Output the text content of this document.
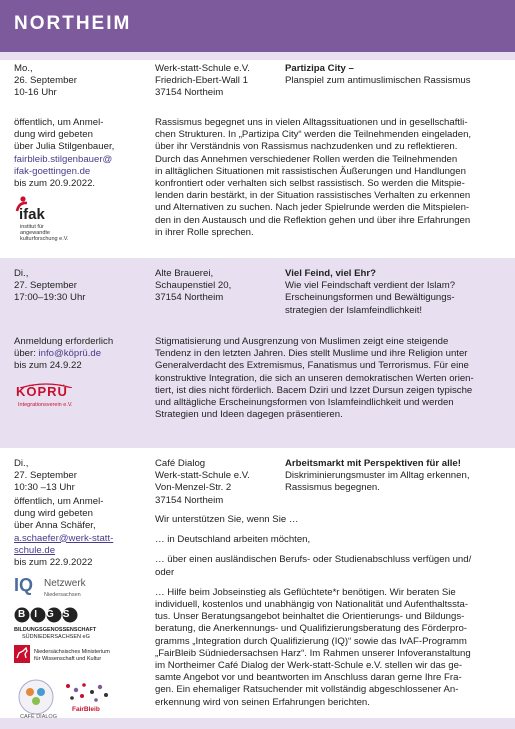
NORTHEIM
Mo.,
26. September
10-16 Uhr
Werk-statt-Schule e.V.
Friedrich-Ebert-Wall 1
37154 Northeim
Partizipa City –
Planspiel zum antimuslimischen Rassismus
öffentlich, um Anmel-
dung wird gebeten
über Julia Stilgenbauer,
fairbleib.stilgenbauer@
ifak-goettingen.de
bis zum 20.9.2022.
Rassismus begegnet uns in vielen Alltagssituationen und in gesellschaftli-
chen Strukturen. In „Partizipa City“ werden die Teilnehmenden eingeladen,
über ihr Verständnis von Rassismus nachzudenken und zu reflektieren.
Durch das Annehmen verschiedener Rollen werden die Teilnehmenden
in alltäglichen Situationen mit rassistischen Äußerungen und Handlungen
konfrontiert oder verhalten sich selbst rassistisch. So werden die Mitspie-
lenden darin bestärkt, in der Situation rassistisches Verhalten zu erkennen
und Alternativen zu suchen. Nach jeder Spielrunde werden die Mitspielen-
den in den Austausch und die Reflektion gehen und über ihre Erfahrungen
in ihrer Rolle sprechen.
ifak
institut für
angewandte
kulturforschung e.V.
Di.,
27. September
17:00–19:30 Uhr
Alte Brauerei,
Schaupenstiel 20,
37154 Northeim
Viel Feind, viel Ehr?
Wie viel Feindschaft verdient der Islam?
Erscheinungsformen und Bewältigungs-
strategien der Islamfeindlichkeit!
Anmeldung erforderlich
über: info@köprü.de
bis zum 24.9.22
Stigmatisierung und Ausgrenzung von Muslimen zeigt eine steigende
Tendenz in den letzten Jahren. Dies stellt Muslime und ihre Religion unter
Generalverdacht des Extremismus, Fanatismus und Terrorismus. Für eine
konstruktive Integration, die sich an unseren demokratischen Werten orien-
tiert, ist dies nicht förderlich. Bacem Dziri und Izzet Dursun zeigen typische
und alltägliche Erscheinungsformen von Islamfeindlichkeit und werden
Strategien und Ideen dagegen präsentieren.
KÖPRÜ
Integrationsverein e.V.
Di.,
27. September
10:30 –13 Uhr
Café Dialog
Werk-statt-Schule e.V.
Von-Menzel-Str. 2
37154 Northeim
Arbeitsmarkt mit Perspektiven für alle!
Diskriminierungsmuster im Alltag erkennen,
Rassismus begegnen.
öffentlich, um Anmel-
dung wird gebeten
über Anna Schäfer,
a.schaefer@werk-statt-
schule.de
bis zum 22.9.2022
Wir unterstützen Sie, wenn Sie …
… in Deutschland arbeiten möchten,
… über einen ausländischen Berufs- oder Studienabschluss verfügen und/
oder
… Hilfe beim Jobseinstieg als Geflüchtete*r benötigen. Wir beraten Sie
individuell, kostenlos und unabhängig von Nationalität und Aufenthaltssta-
tus. Unser Beratungsangebot beinhaltet die Orientierungs- und Bildungs-
beratung, die Anerkennungs- und Qualifizierungsberatung des Förderpro-
gramms „Integration durch Qualifizierung (IQ)“ sowie das IvAF-Programm
„FairBleib Südniedersachsen Harz“. Im Rahmen unserer Infoveranstaltung
im Northeimer Café Dialog der Werk-statt-Schule e.V. stellen wir das ge-
samte Angebot vor und beantworten im Anschluss daran gerne Ihre Fra-
gen. Ein ehemaliger Ratsuchender mit vollständig abgeschlossener An-
erkennung wird von seinen Erfahrungen berichten.
IQ Netzwerk
Niedersachsen
BIGS
BILDUNGSGENOSSENSCHAFT
SÜDNIEDERSACHSEN eG
Niedersächsisches Ministerium
für Wissenschaft und Kultur
CAFÉ DIALOG
FairBleib
